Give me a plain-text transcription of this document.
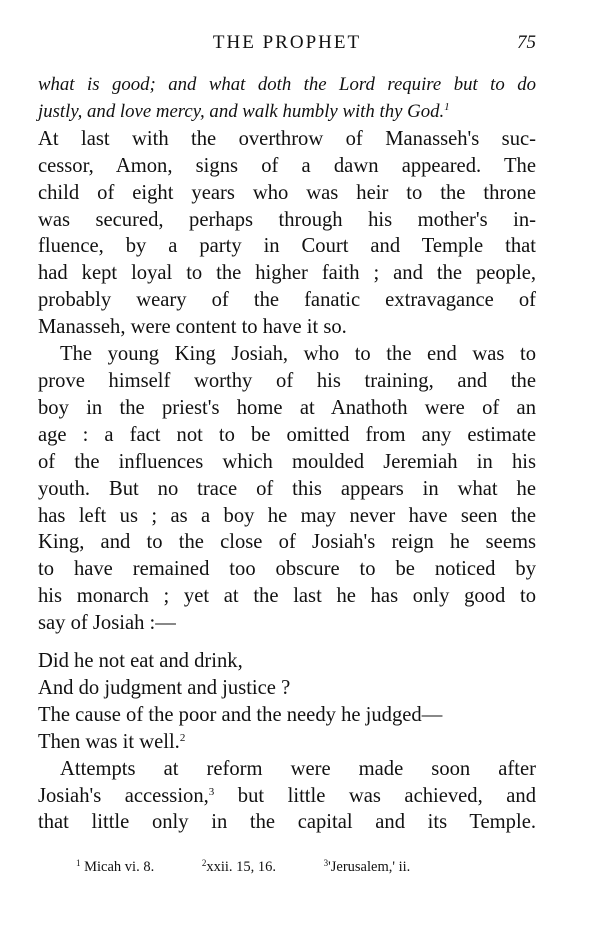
THE PROPHET	75
what is good; and what doth the Lord require but to do
justly, and love mercy, and walk humbly with thy God.$^1$

At last with the overthrow of Manasseh's suc-
cessor, Amon, signs of a dawn appeared. The
child of eight years who was heir to the throne
was secured, perhaps through his mother's in-
fluence, by a party in Court and Temple that
had kept loyal to the higher faith ; and the people,
probably weary of the fanatic extravagance of
Manasseh, were content to have it so.

The young King Josiah, who to the end was to
prove himself worthy of his training, and the
boy in the priest's home at Anathoth were of an
age : a fact not to be omitted from any estimate
of the influences which moulded Jeremiah in his
youth. But no trace of this appears in what he
has left us ; as a boy he may never have seen the
King, and to the close of Josiah's reign he seems
to have remained too obscure to be noticed by
his monarch ; yet at the last he has only good to
say of Josiah :—

Did he not eat and drink,
And do judgment and justice ?
The cause of the poor and the needy he judged—
Then was it well.$^2$

Attempts at reform were made soon after
Josiah's accession,$^3$ but little was achieved, and
that little only in the capital and its Temple.

$^1$ Micah vi. 8.	$^2$xxii. 15, 16.	$^3$'Jerusalem,' ii.
